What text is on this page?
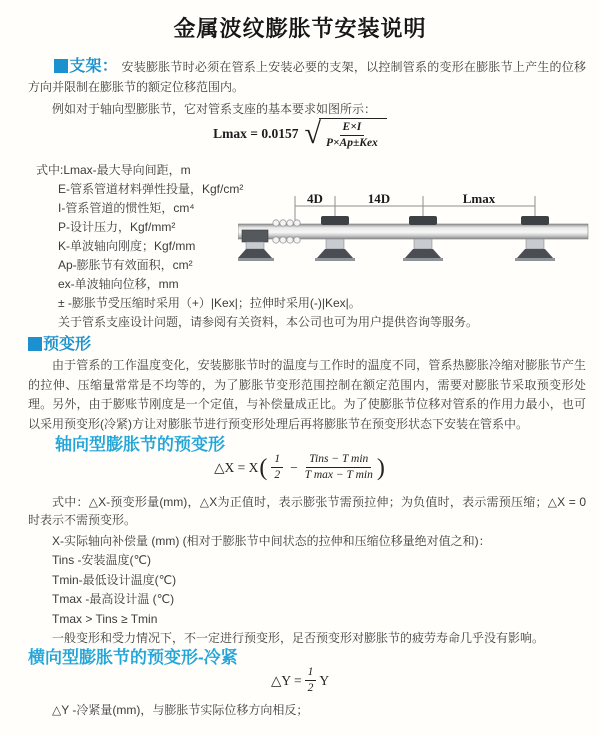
金属波纹膨胀节安装说明
支架： 安装膨胀节时必须在管系上安装必要的支架，以控制管系的变形在膨胀节上产生的位移方向并限制在膨胀节的额定位移范围内。
例如对于轴向型膨胀节，它对管系支座的基本要求如图所示：
Lmax = 0.0157 √ $\frac{E\times I}{\text{P×Ap±Kex}}$
式中:Lmax-最大导向间距，m
E-管系管道材料弹性投量，Kgf/cm²
I-管系管道的惯性矩，cm⁴
P-设计压力，Kgf/mm²
K-单波轴向刚度；Kgf/mm
Ap-膨胀节有效面积，cm²
ex-单波轴向位移，mm
± -膨胀节受压缩时采用（+）|Kex|；拉伸时采用(-)|Kex|。
关于管系支座设计问题，请参阅有关资料，本公司也可为用户提供咨询等服务。
4D	14D	Lmax
预变形
由于管系的工作温度变化，安装膨胀节时的温度与工作时的温度不同，管系热膨胀冷缩对膨胀节产生的拉伸、压缩量常常是不均等的，为了膨胀节变形范围控制在额定范围内，需要对膨胀节采取预变形处理。另外，由于膨账节刚度是一个定值，与补偿量成正比。为了使膨胀节位移对管系的作用力最小，也可以采用预变形(冷紧)方让对膨胀节进行预变形处理后再将膨胀节在预变形状态下安装在管系中。
轴向型膨胀节的预变形
△X = X ( $\frac{1}{2} - \frac{\text{Tins − T min}}{\text{T max − T min}}$ )
式中：△X-预变形量(mm)，△X为正值时，表示膨张节需预拉伸；为负值时，表示需预压缩；△X = 0时表示不需预变形。
X-实际轴向补偿量 (mm) (相对于膨胀节中间状态的拉伸和压缩位移量绝对值之和)：
Tins -安装温度(℃)
Tmin-最低设计温度(℃)
Tmax -最高设计温 (℃)
Tmax > Tins ≥ Tmin
一般变形和受力情况下，不一定进行预变形，足否预变形对膨胀节的疲劳寿命几乎没有影响。
横向型膨胀节的预变形-冷紧
△Y = $\frac{1}{2}$ Y
△Y -冷紧量(mm)，与膨胀节实际位移方向相反；
